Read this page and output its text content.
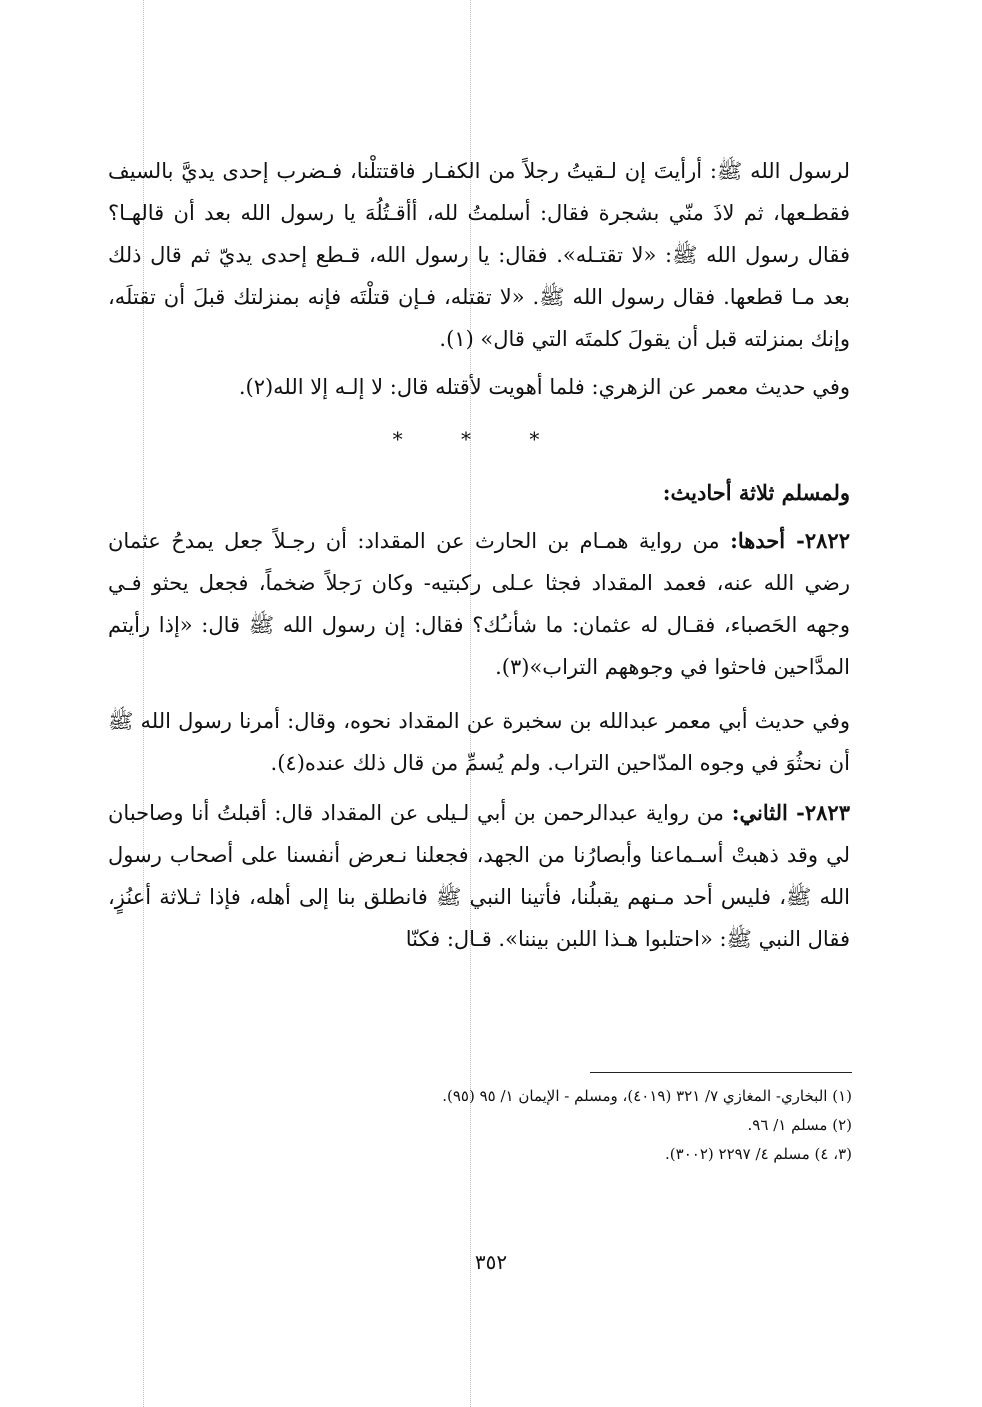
لرسول الله ﷺ: أرأيتَ إن لـقيتُ رجلاً من الكفـار فاقتتلْنا، فـضرب إحدى يديَّ بالسيف فقطـعها، ثم لاذَ منّي بشجرة فقال: أسلمتُ لله، أأقـتُلُهَ يا رسول الله بعد أن قالهـا؟ فقال رسول الله ﷺ: «لا تقتـله». فقال: يا رسول الله، قـطع إحدى يديّ ثم قال ذلك بعد مـا قطعها. فقال رسول الله ﷺ. «لا تقتله، فـإن قتلْتَه فإنه بمنزلتك قبلَ أن تقتلَه، وإنك بمنزلته قبل أن يقولَ كلمتَه التي قال» (١).

وفي حديث معمر عن الزهري: فلما أهويت لأقتله قال: لا إلـه إلا الله(٢).

* * *

ولمسلم ثلاثة أحاديث:

٢٨٢٢- أحدها: من رواية همـام بن الحارث عن المقداد: أن رجـلاً جعل يمدحُ عثمان رضي الله عنه، فعمد المقداد فجثا عـلى ركبتيه- وكان رَجلاً ضخماً، فجعل يحثو فـي وجهه الحَصباء، فقـال له عثمان: ما شأنـُك؟ فقال: إن رسول الله ﷺ قال: «إذا رأيتم المدَّاحين فاحثوا في وجوههم التراب»(٣).

وفي حديث أبي معمر عبدالله بن سخبرة عن المقداد نحوه، وقال: أمرنا رسول الله ﷺ أن نحثُوَ في وجوه المدّاحين التراب. ولم يُسمِّ من قال ذلك عنده(٤).

٢٨٢٣- الثاني: من رواية عبدالرحمن بن أبي لـيلى عن المقداد قال: أقبلتُ أنا وصاحبان لي وقد ذهبتْ أسـماعنا وأبصارُنا من الجهد، فجعلنا نـعرض أنفسنا على أصحاب رسول الله ﷺ، فليس أحد مـنهم يقبلُنا، فأتينا النبي ﷺ فانطلق بنا إلى أهله، فإذا ثـلاثة أعنُزٍ، فقال النبي ﷺ: «احتلبوا هـذا اللبن بيننا». قـال: فكنّا

(١) البخاري- المغازي ٧/ ٣٢١ (٤٠١٩)، ومسلم - الإيمان ١/ ٩٥ (٩٥).

(٢) مسلم ١/ ٩٦.

(٣، ٤) مسلم ٤/ ٢٢٩٧ (٣٠٠٢).

٣٥٢
